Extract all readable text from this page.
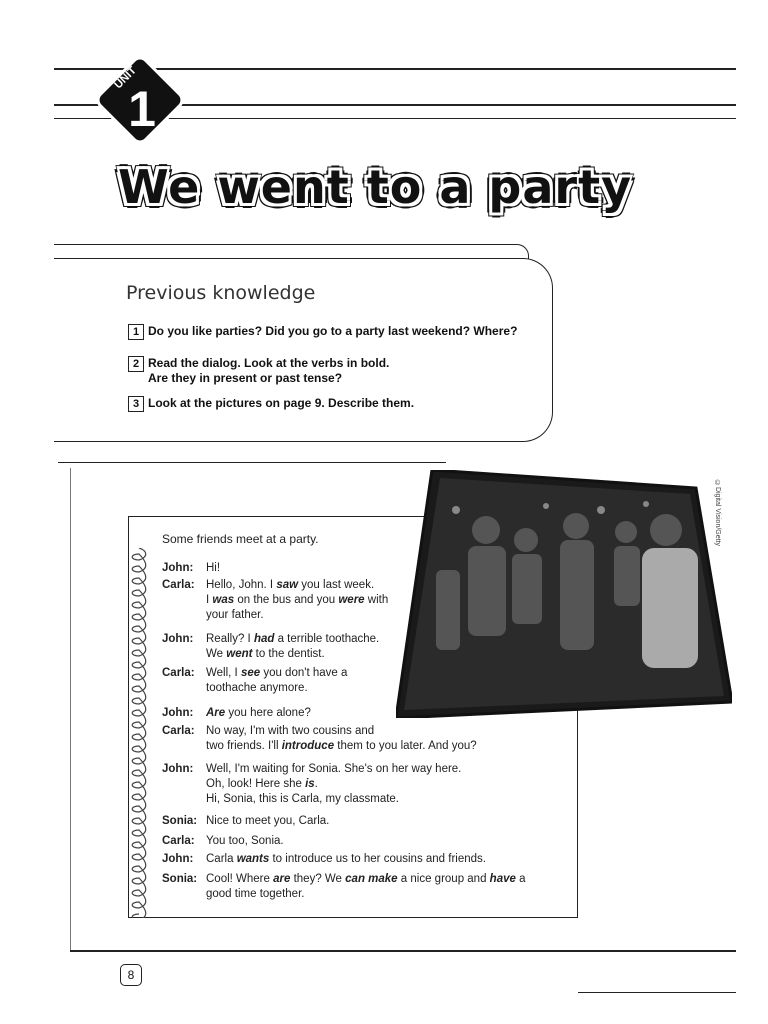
UNIT
1
We went to a party
Previous knowledge
1 Do you like parties? Did you go to a party last weekend? Where?
2 Read the dialog. Look at the verbs in bold.
Are they in present or past tense?
3 Look at the pictures on page 9. Describe them.
Some friends meet at a party.
John: Hi!
Carla: Hello, John. I saw you last week.
I was on the bus and you were with
your father.
John: Really? I had a terrible toothache.
We went to the dentist.
Carla: Well, I see you don't have a
toothache anymore.
John: Are you here alone?
Carla: No way, I'm with two cousins and
two friends. I'll introduce them to you later. And you?
John: Well, I'm waiting for Sonia. She's on her way here.
Oh, look! Here she is.
Hi, Sonia, this is Carla, my classmate.
Sonia: Nice to meet you, Carla.
Carla: You too, Sonia.
John: Carla wants to introduce us to her cousins and friends.
Sonia: Cool! Where are they? We can make a nice group and have a
good time together.
©Digital Vision/Getty
8
